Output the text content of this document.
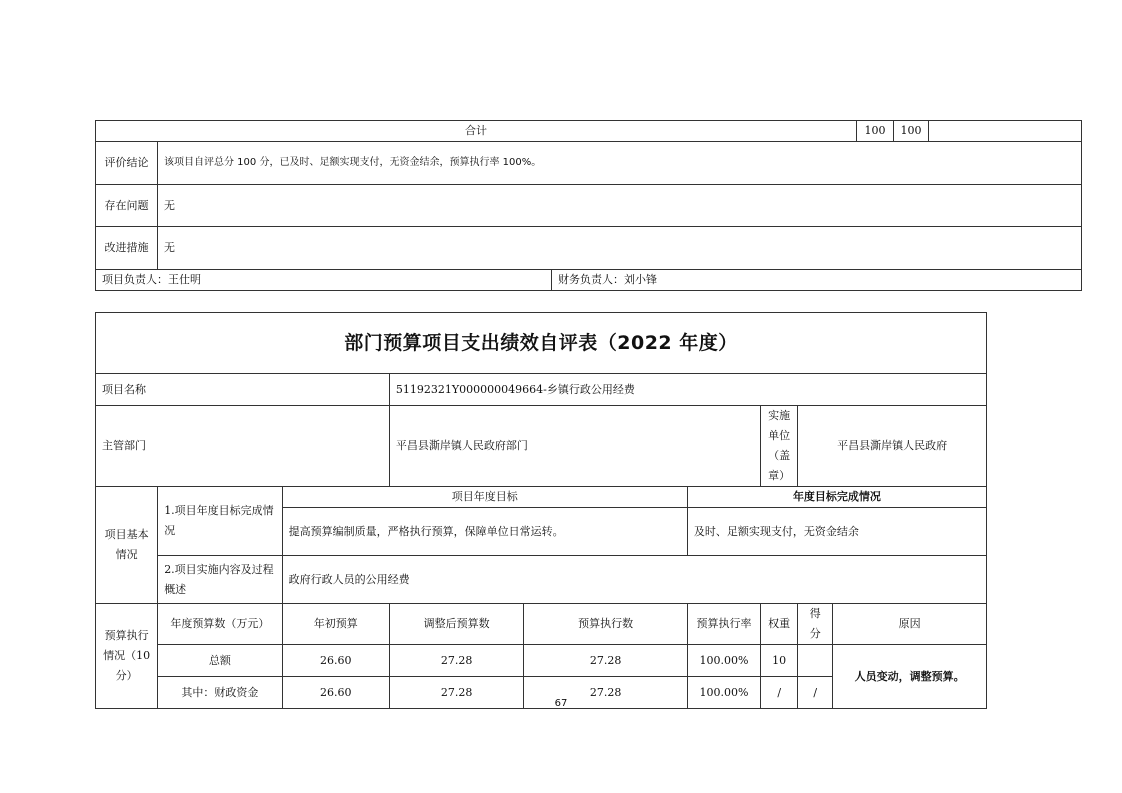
合计			100	100	
评价结论	该项目自评总分 100 分，已及时、足额实现支付，无资金结余，预算执行率 100%。				
存在问题	无				
改进措施	无				
项目负责人：王仕明		财务负责人：刘小锋			
部门预算项目支出绩效自评表（2022 年度）								
项目名称			51192321Y000000049664-乡镇行政公用经费					
主管部门			平昌县澌岸镇人民政府部门			实施单位（盖章）	平昌县澌岸镇人民政府	
项目基本情况	1.项目年度目标完成情况	项目年度目标			年度目标完成情况			
		提高预算编制质量，严格执行预算，保障单位日常运转。			及时、足额实现支付，无资金结余			
	2.项目实施内容及过程概述	政府行政人员的公用经费						
预算执行情况（10 分）	年度预算数（万元）	年初预算	调整后预算数	预算执行数	预算执行率	权重	得分	原因
	总额	26.60	27.28	27.28	100.00%	10		人员变动，调整预算。
	其中：财政资金	26.60	27.28	27.28	100.00%	/	/	
67
